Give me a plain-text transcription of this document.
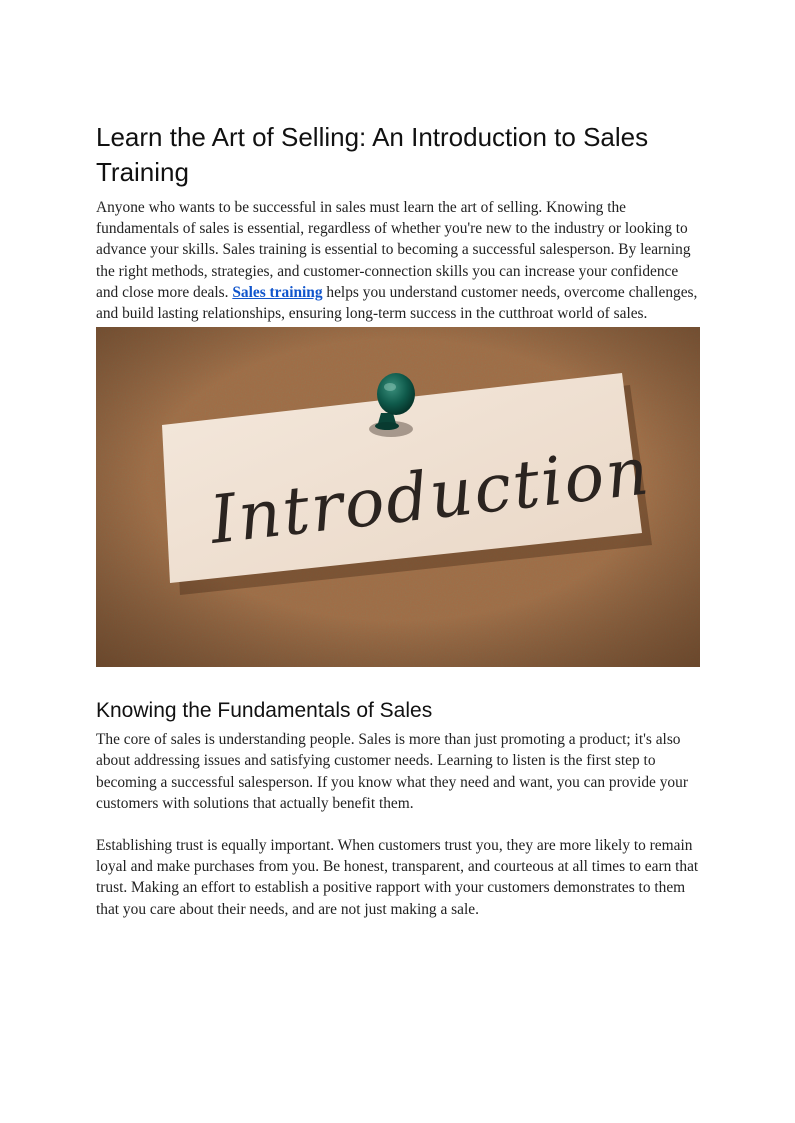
Learn the Art of Selling: An Introduction to Sales Training

Anyone who wants to be successful in sales must learn the art of selling. Knowing the fundamentals of sales is essential, regardless of whether you're new to the industry or looking to advance your skills. Sales training is essential to becoming a successful salesperson. By learning the right methods, strategies, and customer-connection skills you can increase your confidence and close more deals. Sales training helps you understand customer needs, overcome challenges, and build lasting relationships, ensuring long-term success in the cutthroat world of sales.

Introduction
Knowing the Fundamentals of Sales

The core of sales is understanding people. Sales is more than just promoting a product; it's also about addressing issues and satisfying customer needs. Learning to listen is the first step to becoming a successful salesperson. If you know what they need and want, you can provide your customers with solutions that actually benefit them.

Establishing trust is equally important. When customers trust you, they are more likely to remain loyal and make purchases from you. Be honest, transparent, and courteous at all times to earn that trust. Making an effort to establish a positive rapport with your customers demonstrates to them that you care about their needs, and are not just making a sale.
